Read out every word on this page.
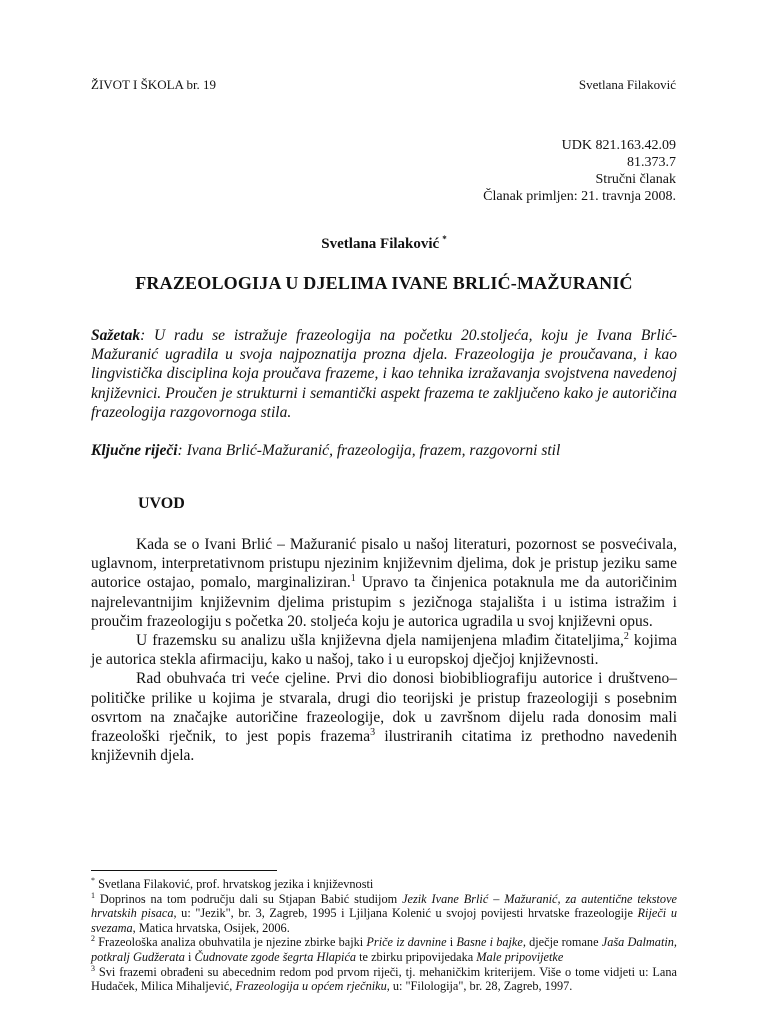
ŽIVOT I ŠKOLA br. 19	Svetlana Filaković
UDK 821.163.42.09
81.373.7
Stručni članak
Članak primljen: 21. travnja 2008.
Svetlana Filaković *
FRAZEOLOGIJA U DJELIMA IVANE BRLIĆ-MAŽURANIĆ
Sažetak: U radu se istražuje frazeologija na početku 20.stoljeća, koju je Ivana Brlić-Mažuranić ugradila u svoja najpoznatija prozna djela. Frazeologija je proučavana, i kao lingvistička disciplina koja proučava frazeme, i kao tehnika izražavanja svojstvena navedenoj književnici. Proučen je strukturni i semantički aspekt frazema te zaključeno kako je autoričina frazeologija razgovornoga stila.
Ključne riječi: Ivana Brlić-Mažuranić, frazeologija, frazem, razgovorni stil
UVOD

Kada se o Ivani Brlić – Mažuranić pisalo u našoj literaturi, pozornost se posvećivala, uglavnom, interpretativnom pristupu njezinim književnim djelima, dok je pristup jeziku same autorice ostajao, pomalo, marginaliziran.$^1$ Upravo ta činjenica potaknula me da autoričinim najrelevantnijim književnim djelima pristupim s jezičnoga stajališta i u istima istražim i proučim frazeologiju s početka 20. stoljeća koju je autorica ugradila u svoj književni opus.

U frazemsku su analizu ušla književna djela namijenjena mlađim čitateljima,$^2$ kojima je autorica stekla afirmaciju, kako u našoj, tako i u europskoj dječjoj književnosti.

Rad obuhvaća tri veće cjeline. Prvi dio donosi biobibliografiju autorice i društveno–političke prilike u kojima je stvarala, drugi dio teorijski je pristup frazeologiji s posebnim osvrtom na značajke autoričine frazeologije, dok u završnom dijelu rada donosim mali frazeološki rječnik, to jest popis frazema$^3$ ilustriranih citatima iz prethodno navedenih književnih djela.

* Svetlana Filaković, prof. hrvatskog jezika i književnosti

$^1$ Doprinos na tom području dali su Stjapan Babić studijom Jezik Ivane Brlić – Mažuranić, za autentične tekstove hrvatskih pisaca, u: "Jezik", br. 3, Zagreb, 1995 i Ljiljana Kolenić u svojoj povijesti hrvatske frazeologije Riječi u svezama, Matica hrvatska, Osijek, 2006.

$^2$ Frazeološka analiza obuhvatila je njezine zbirke bajki Priče iz davnine i Basne i bajke, dječje romane Jaša Dalmatin, potkralj Gudžerata i Čudnovate zgode šegrta Hlapića te zbirku pripovijedaka Male pripovijetke

$^3$ Svi frazemi obrađeni su abecednim redom pod prvom riječi, tj. mehaničkim kriterijem. Više o tome vidjeti u: Lana Hudaček, Milica Mihaljević, Frazeologija u općem rječniku, u: "Filologija", br. 28, Zagreb, 1997.
